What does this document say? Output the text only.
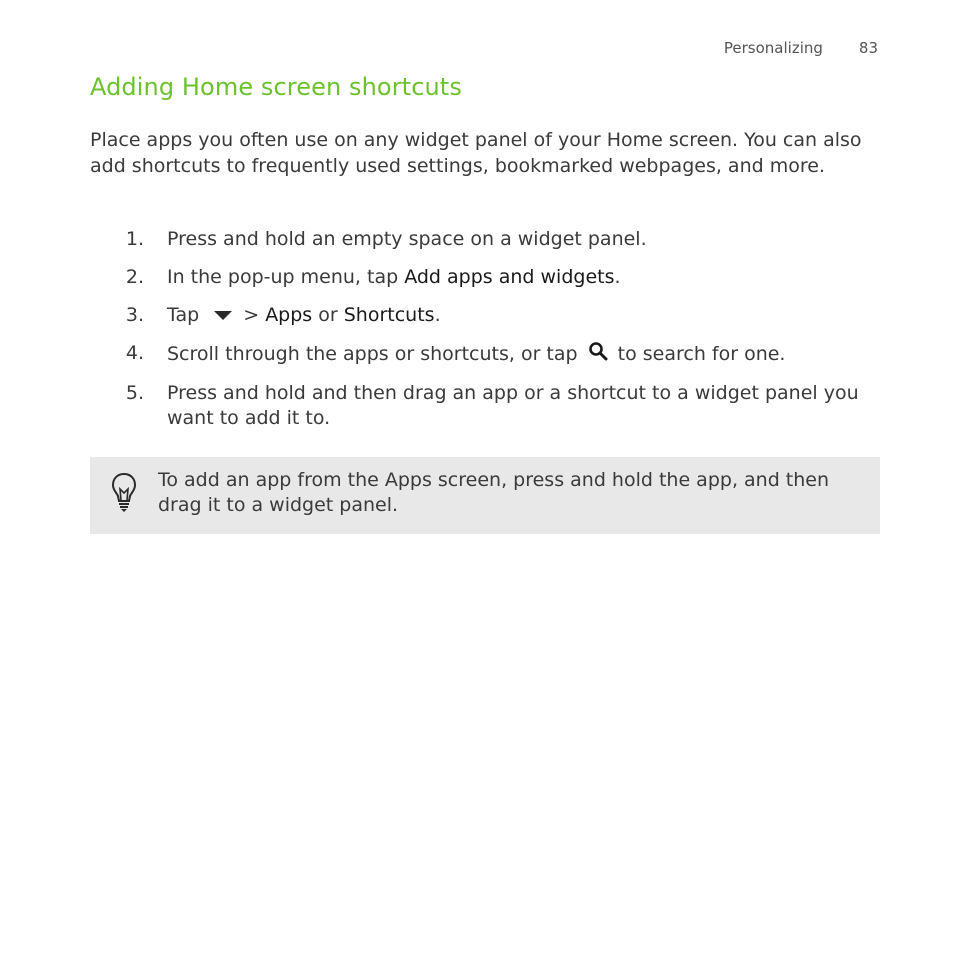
Personalizing 83
Adding Home screen shortcuts

Place apps you often use on any widget panel of your Home screen. You can also add shortcuts to frequently used settings, bookmarked webpages, and more.

1. Press and hold an empty space on a widget panel.
2. In the pop-up menu, tap Add apps and widgets.
3. Tap > Apps or Shortcuts.
4. Scroll through the apps or shortcuts, or tap to search for one.
5. Press and hold and then drag an app or a shortcut to a widget panel you want to add it to.

To add an app from the Apps screen, press and hold the app, and then drag it to a widget panel.
